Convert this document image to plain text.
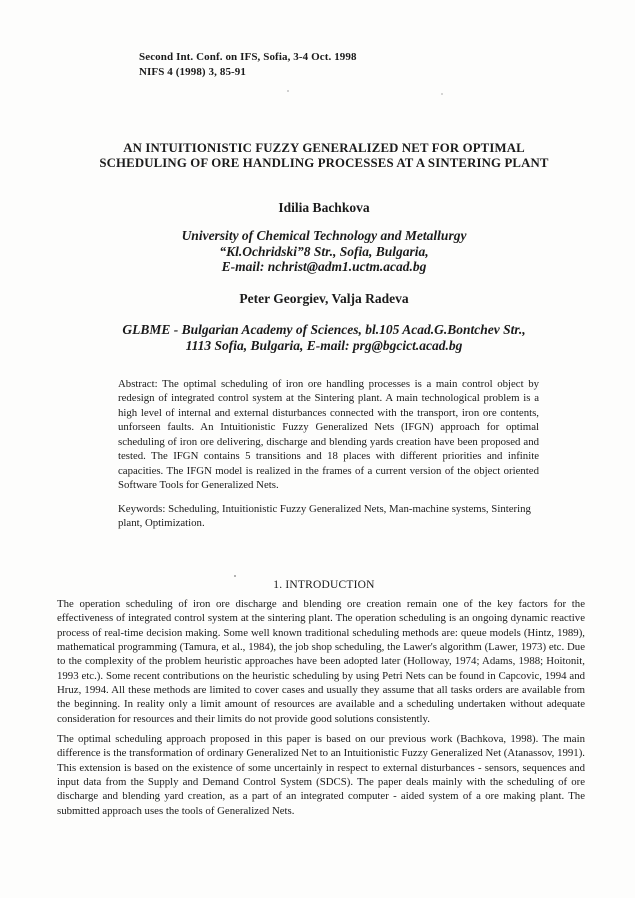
Second Int. Conf. on IFS, Sofia, 3-4 Oct. 1998
NIFS 4 (1998) 3, 85-91
AN INTUITIONISTIC FUZZY GENERALIZED NET FOR OPTIMAL
SCHEDULING OF ORE HANDLING PROCESSES AT A SINTERING PLANT
Idilia Bachkova
University of Chemical Technology and Metallurgy
“Kl.Ochridski”8 Str., Sofia, Bulgaria,
E-mail: nchrist@adm1.uctm.acad.bg
Peter Georgiev, Valja Radeva
GLBME - Bulgarian Academy of Sciences, bl.105 Acad.G.Bontchev Str.,
1113 Sofia, Bulgaria, E-mail: prg@bgcict.acad.bg
Abstract: The optimal scheduling of iron ore handling processes is a main control object by redesign of integrated control system at the Sintering plant. A main technological problem is a high level of internal and external disturbances connected with the transport, iron ore contents, unforseen faults. An Intuitionistic Fuzzy Generalized Nets (IFGN) approach for optimal scheduling of iron ore delivering, discharge and blending yards creation have been proposed and tested. The IFGN contains 5 transitions and 18 places with different priorities and infinite capacities. The IFGN model is realized in the frames of a current version of the object oriented Software Tools for Generalized Nets.
Keywords: Scheduling, Intuitionistic Fuzzy Generalized Nets, Man-machine systems, Sintering plant, Optimization.
1. INTRODUCTION

The operation scheduling of iron ore discharge and blending ore creation remain one of the key factors for the effectiveness of integrated control system at the sintering plant. The operation scheduling is an ongoing dynamic reactive process of real-time decision making. Some well known traditional scheduling methods are: queue models (Hintz, 1989), mathematical programming (Tamura, et al., 1984), the job shop scheduling, the Lawer's algorithm (Lawer, 1973) etc. Due to the complexity of the problem heuristic approaches have been adopted later (Holloway, 1974; Adams, 1988; Hoitonit, 1993 etc.). Some recent contributions on the heuristic scheduling by using Petri Nets can be found in Capcovic, 1994 and Hruz, 1994. All these methods are limited to cover cases and usually they assume that all tasks orders are available from the beginning. In reality only a limit amount of resources are available and a scheduling undertaken without adequate consideration for resources and their limits do not provide good solutions consistently.

The optimal scheduling approach proposed in this paper is based on our previous work (Bachkova, 1998). The main difference is the transformation of ordinary Generalized Net to an Intuitionistic Fuzzy Generalized Net (Atanassov, 1991). This extension is based on the existence of some uncertainly in respect to external disturbances - sensors, sequences and input data from the Supply and Demand Control System (SDCS). The paper deals mainly with the scheduling of ore discharge and blending yard creation, as a part of an integrated computer - aided system of a ore making plant. The submitted approach uses the tools of Generalized Nets.
